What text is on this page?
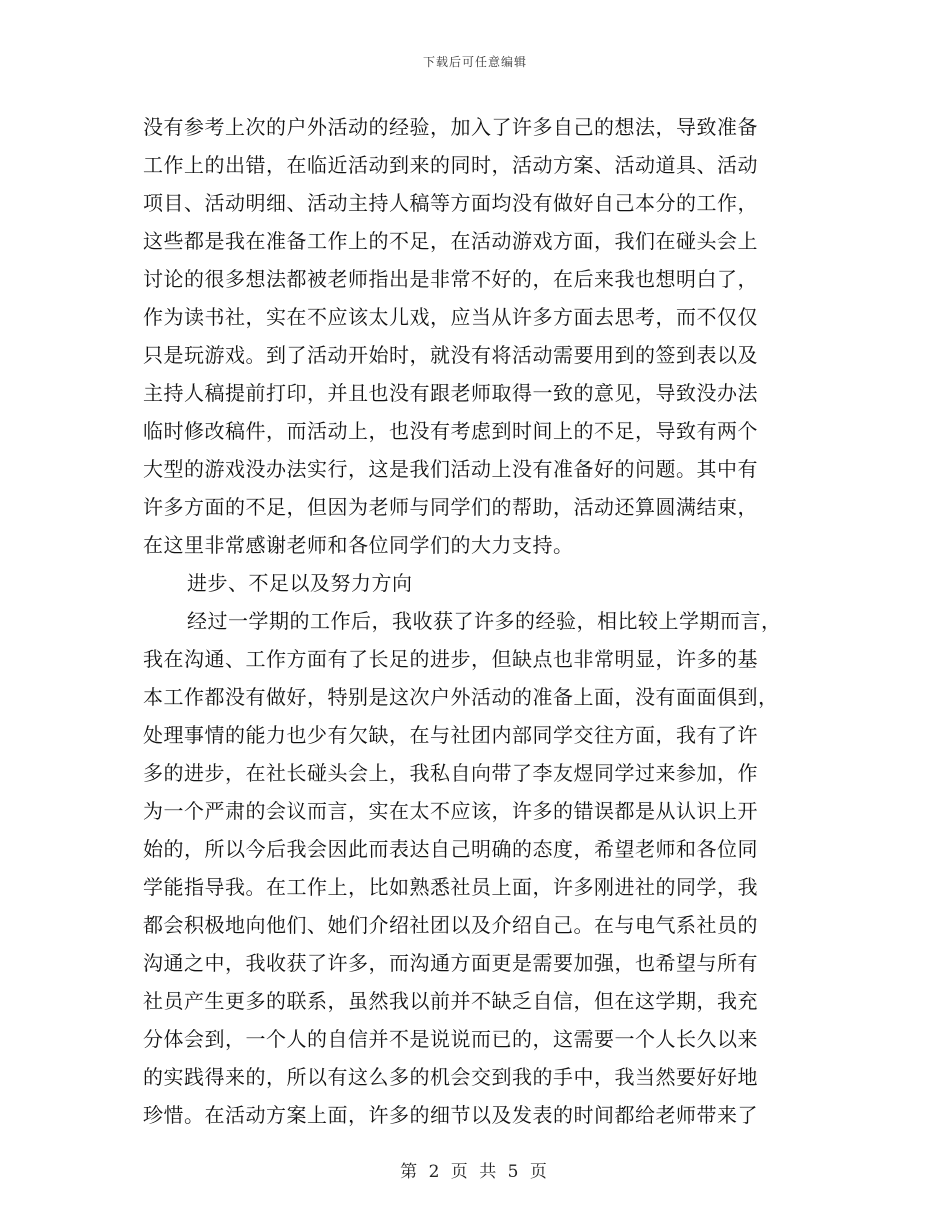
下载后可任意编辑
没有参考上次的户外活动的经验，加入了许多自己的想法，导致准备
工作上的出错，在临近活动到来的同时，活动方案、活动道具、活动
项目、活动明细、活动主持人稿等方面均没有做好自己本分的工作，
这些都是我在准备工作上的不足，在活动游戏方面，我们在碰头会上
讨论的很多想法都被老师指出是非常不好的，在后来我也想明白了，
作为读书社，实在不应该太儿戏，应当从许多方面去思考，而不仅仅
只是玩游戏。到了活动开始时，就没有将活动需要用到的签到表以及
主持人稿提前打印，并且也没有跟老师取得一致的意见，导致没办法
临时修改稿件，而活动上，也没有考虑到时间上的不足，导致有两个
大型的游戏没办法实行，这是我们活动上没有准备好的问题。其中有
许多方面的不足，但因为老师与同学们的帮助，活动还算圆满结束，
在这里非常感谢老师和各位同学们的大力支持。
进步、不足以及努力方向
经过一学期的工作后，我收获了许多的经验，相比较上学期而言，
我在沟通、工作方面有了长足的进步，但缺点也非常明显，许多的基
本工作都没有做好，特别是这次户外活动的准备上面，没有面面俱到，
处理事情的能力也少有欠缺，在与社团内部同学交往方面，我有了许
多的进步，在社长碰头会上，我私自向带了李友煜同学过来参加，作
为一个严肃的会议而言，实在太不应该，许多的错误都是从认识上开
始的，所以今后我会因此而表达自己明确的态度，希望老师和各位同
学能指导我。在工作上，比如熟悉社员上面，许多刚进社的同学，我
都会积极地向他们、她们介绍社团以及介绍自己。在与电气系社员的
沟通之中，我收获了许多，而沟通方面更是需要加强，也希望与所有
社员产生更多的联系，虽然我以前并不缺乏自信，但在这学期，我充
分体会到，一个人的自信并不是说说而已的，这需要一个人长久以来
的实践得来的，所以有这么多的机会交到我的手中，我当然要好好地
珍惜。在活动方案上面，许多的细节以及发表的时间都给老师带来了
第 2 页 共 5 页
